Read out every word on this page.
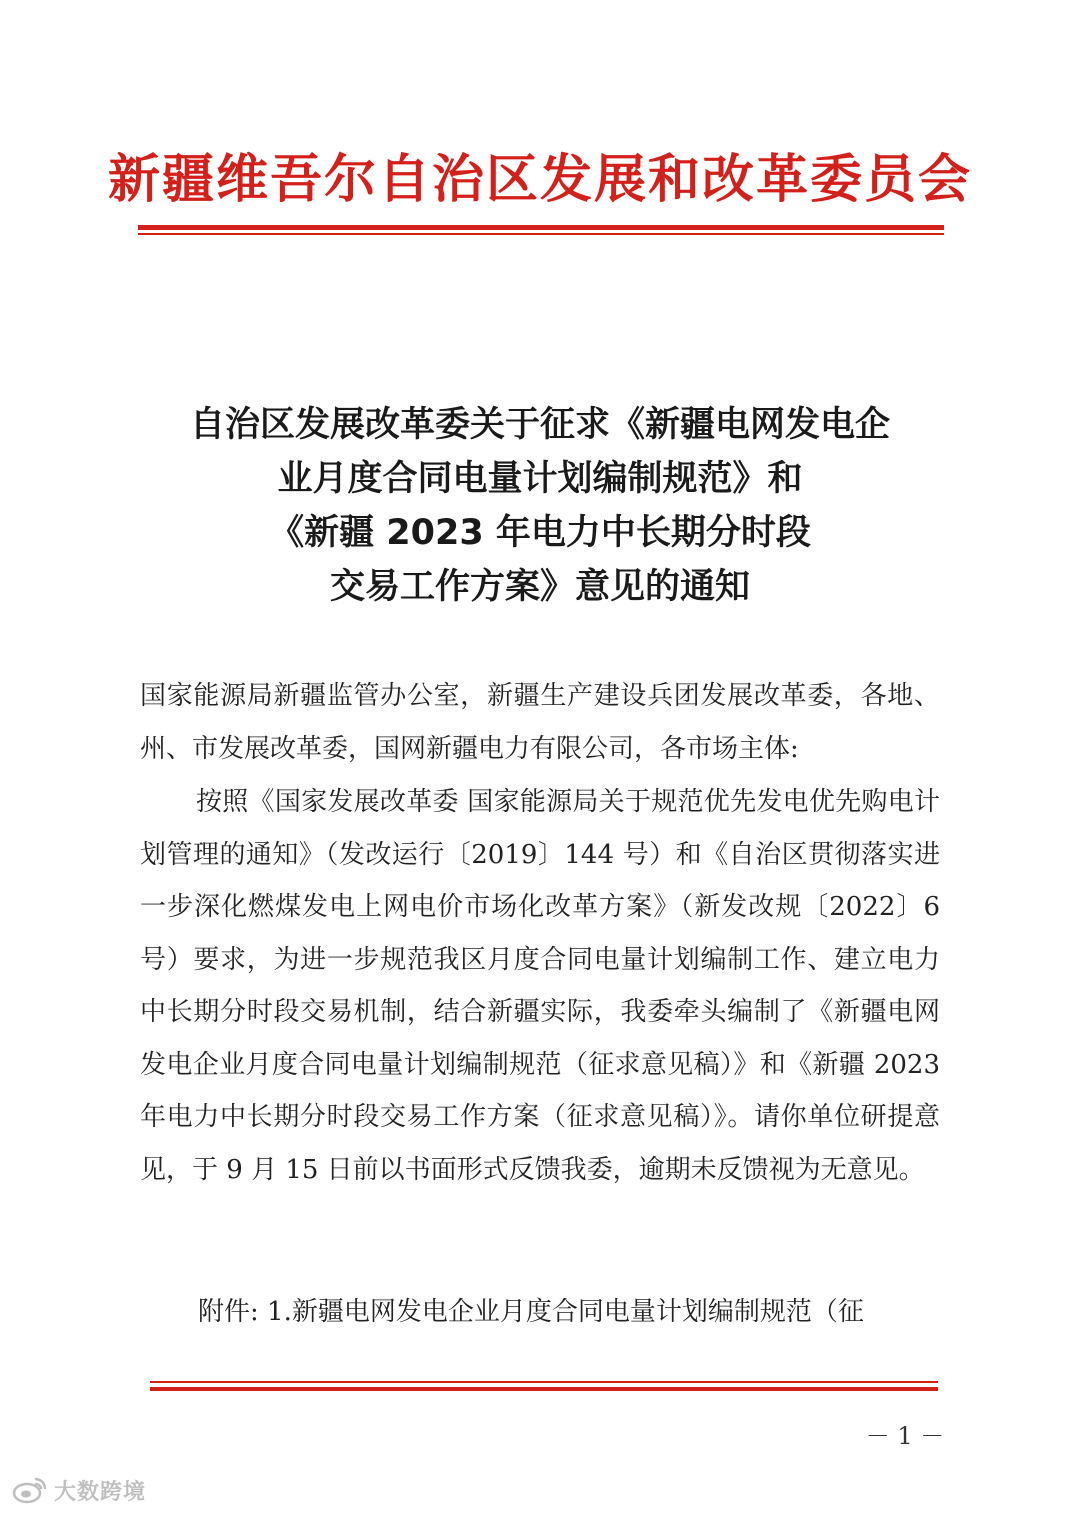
新疆维吾尔自治区发展和改革委员会
自治区发展改革委关于征求《新疆电网发电企
业月度合同电量计划编制规范》和
《新疆 2023 年电力中长期分时段
交易工作方案》意见的通知
国家能源局新疆监管办公室，新疆生产建设兵团发展改革委，各地、州、市发展改革委，国网新疆电力有限公司，各市场主体:
按照《国家发展改革委 国家能源局关于规范优先发电优先购电计划管理的通知》（发改运行〔2019〕144 号）和《自治区贯彻落实进一步深化燃煤发电上网电价市场化改革方案》（新发改规〔2022〕6 号）要求，为进一步规范我区月度合同电量计划编制工作、建立电力中长期分时段交易机制，结合新疆实际，我委牵头编制了《新疆电网发电企业月度合同电量计划编制规范（征求意见稿）》和《新疆 2023 年电力中长期分时段交易工作方案（征求意见稿）》。请你单位研提意见，于 9 月 15 日前以书面形式反馈我委，逾期未反馈视为无意见。
附件: 1.新疆电网发电企业月度合同电量计划编制规范（征
－ 1 －
大数跨境
